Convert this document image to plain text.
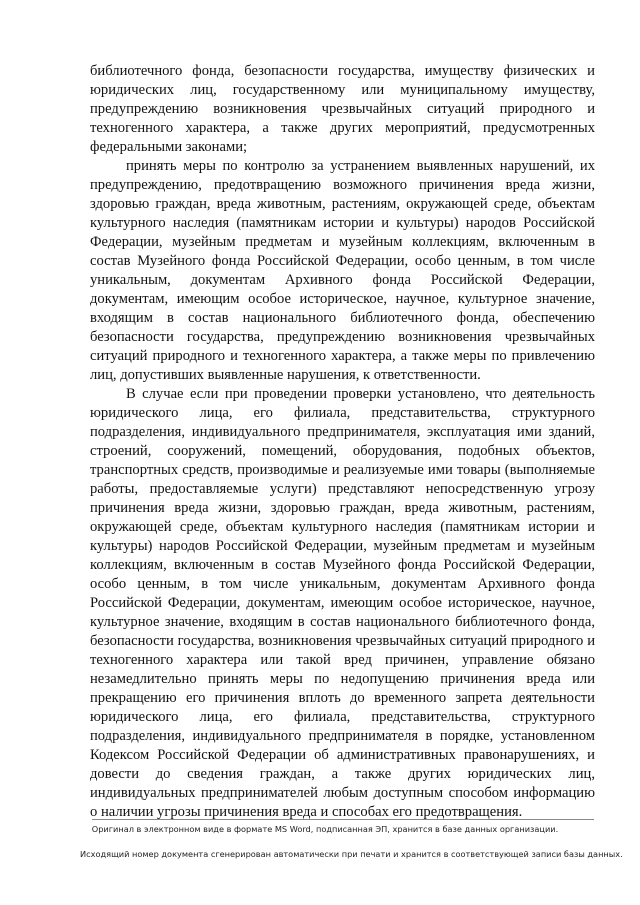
библиотечного фонда, безопасности государства, имуществу физических и юридических лиц, государственному или муниципальному имуществу, предупреждению возникновения чрезвычайных ситуаций природного и техногенного характера, а также других мероприятий, предусмотренных федеральными законами;

принять меры по контролю за устранением выявленных нарушений, их предупреждению, предотвращению возможного причинения вреда жизни, здоровью граждан, вреда животным, растениям, окружающей среде, объектам культурного наследия (памятникам истории и культуры) народов Российской Федерации, музейным предметам и музейным коллекциям, включенным в состав Музейного фонда Российской Федерации, особо ценным, в том числе уникальным, документам Архивного фонда Российской Федерации, документам, имеющим особое историческое, научное, культурное значение, входящим в состав национального библиотечного фонда, обеспечению безопасности государства, предупреждению возникновения чрезвычайных ситуаций природного и техногенного характера, а также меры по привлечению лиц, допустивших выявленные нарушения, к ответственности.

В случае если при проведении проверки установлено, что деятельность юридического лица, его филиала, представительства, структурного подразделения, индивидуального предпринимателя, эксплуатация ими зданий, строений, сооружений, помещений, оборудования, подобных объектов, транспортных средств, производимые и реализуемые ими товары (выполняемые работы, предоставляемые услуги) представляют непосредственную угрозу причинения вреда жизни, здоровью граждан, вреда животным, растениям, окружающей среде, объектам культурного наследия (памятникам истории и культуры) народов Российской Федерации, музейным предметам и музейным коллекциям, включенным в состав Музейного фонда Российской Федерации, особо ценным, в том числе уникальным, документам Архивного фонда Российской Федерации, документам, имеющим особое историческое, научное, культурное значение, входящим в состав национального библиотечного фонда, безопасности государства, возникновения чрезвычайных ситуаций природного и техногенного характера или такой вред причинен, управление обязано незамедлительно принять меры по недопущению причинения вреда или прекращению его причинения вплоть до временного запрета деятельности юридического лица, его филиала, представительства, структурного подразделения, индивидуального предпринимателя в порядке, установленном Кодексом Российской Федерации об административных правонарушениях, и довести до сведения граждан, а также других юридических лиц, индивидуальных предпринимателей любым доступным способом информацию о наличии угрозы причинения вреда и способах его предотвращения.

Оригинал в электронном виде в формате MS Word, подписанная ЭП, хранится в базе данных организации.
Исходящий номер документа сгенерирован автоматически при печати и хранится в соответствующей записи базы данных.
